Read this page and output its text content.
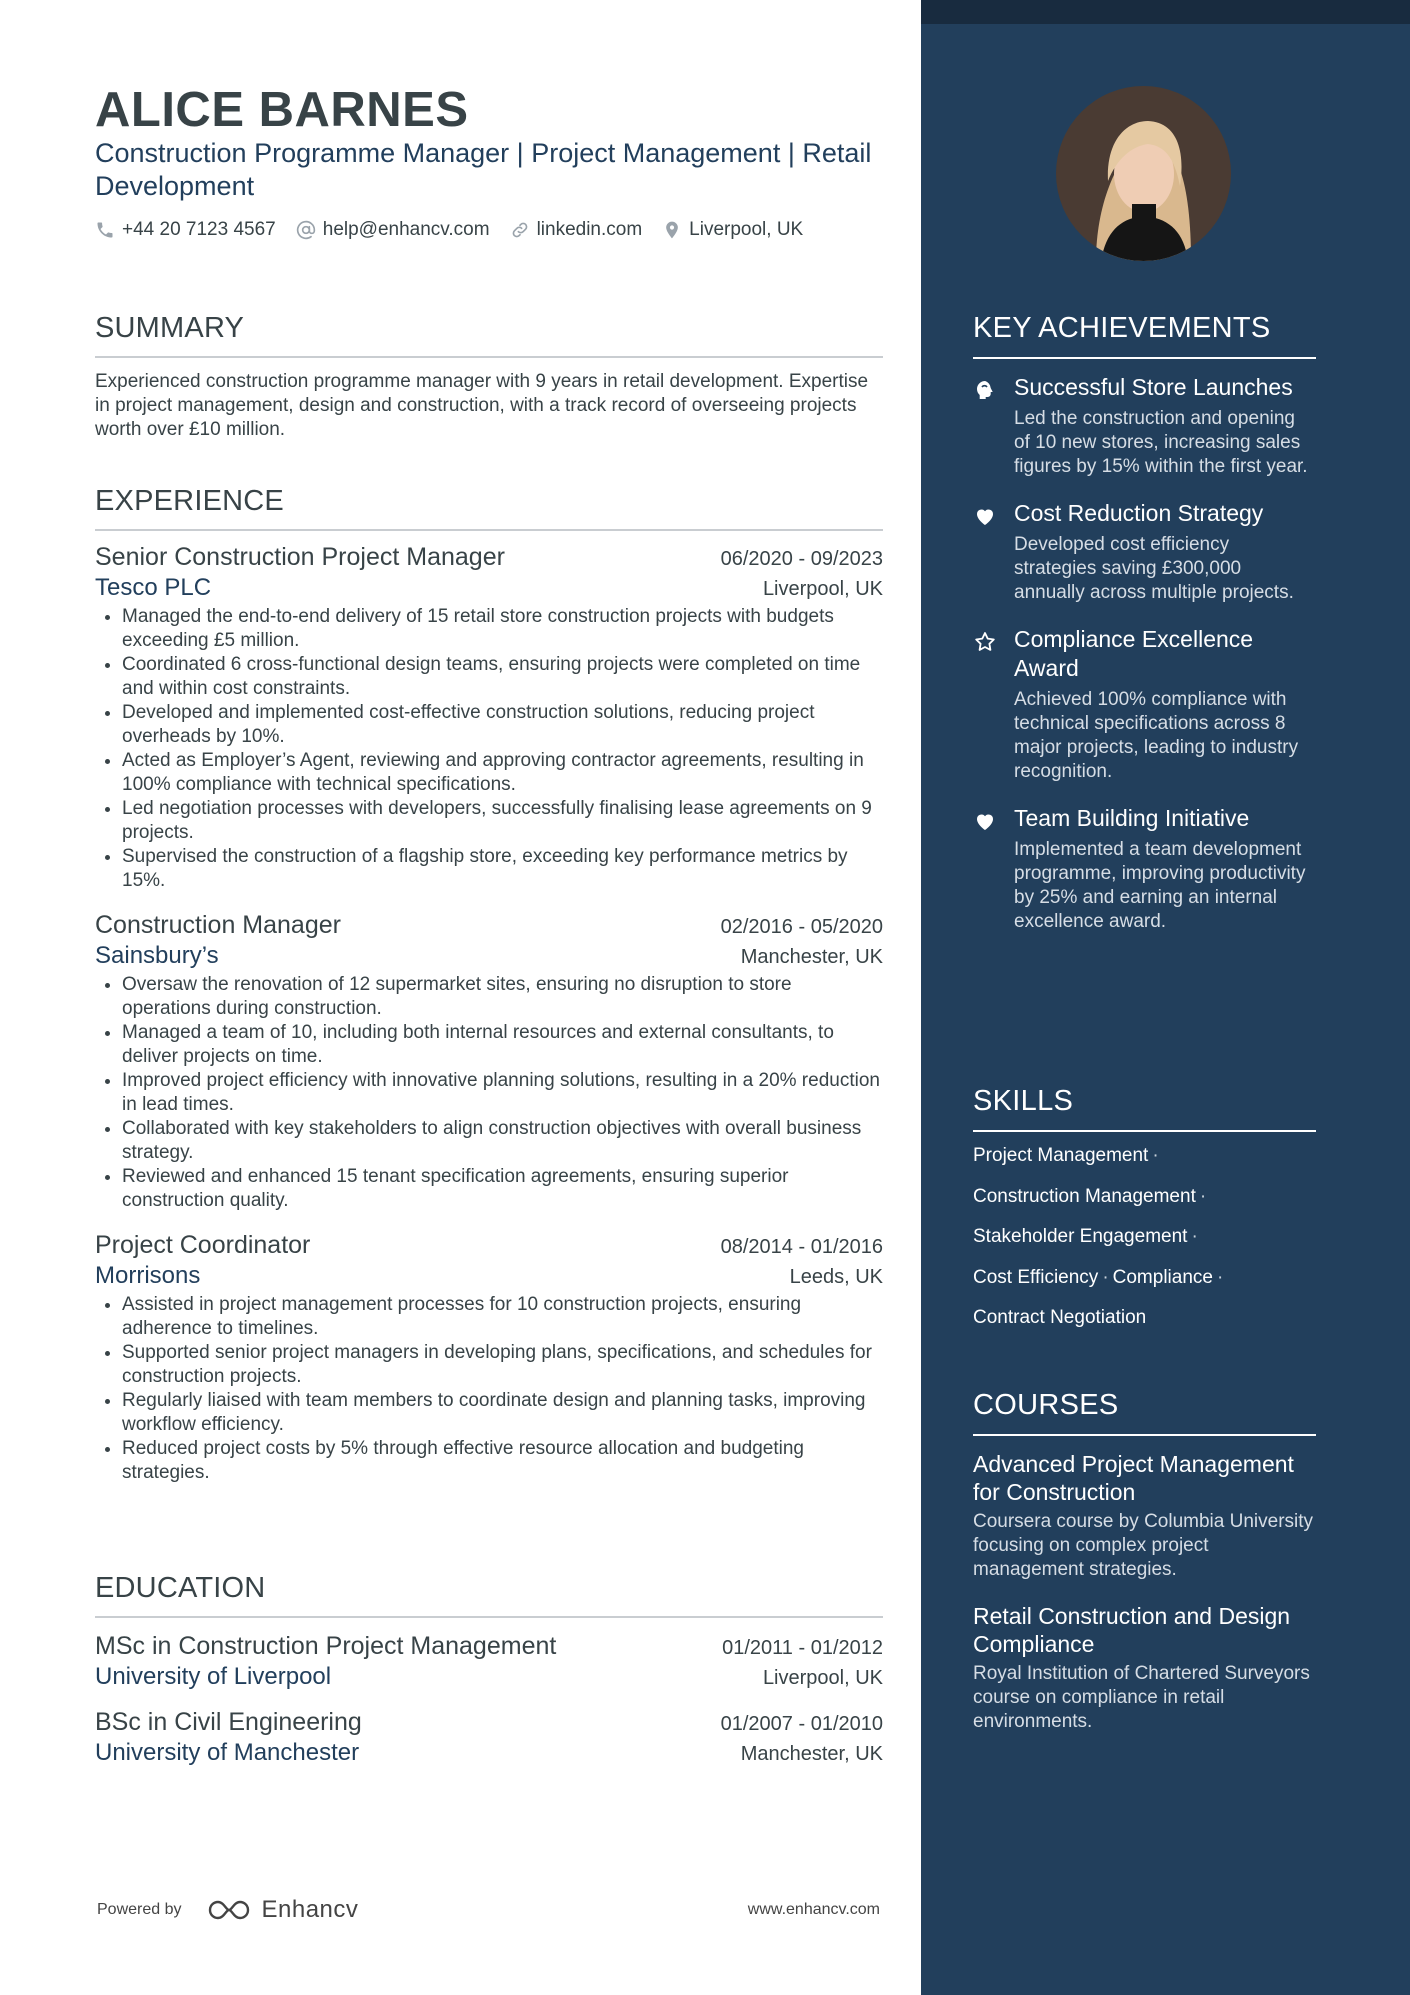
ALICE BARNES
Construction Programme Manager | Project Management | Retail Development
+44 20 7123 4567 help@enhancv.com linkedin.com Liverpool, UK
SUMMARY

Experienced construction programme manager with 9 years in retail development. Expertise in project management, design and construction, with a track record of overseeing projects worth over £10 million.

EXPERIENCE
Senior Construction Project Manager	06/2020 - 09/2023
Tesco PLC	Liverpool, UK
• Managed the end-to-end delivery of 15 retail store construction projects with budgets exceeding £5 million.
• Coordinated 6 cross-functional design teams, ensuring projects were completed on time and within cost constraints.
• Developed and implemented cost-effective construction solutions, reducing project overheads by 10%.
• Acted as Employer’s Agent, reviewing and approving contractor agreements, resulting in 100% compliance with technical specifications.
• Led negotiation processes with developers, successfully finalising lease agreements on 9 projects.
• Supervised the construction of a flagship store, exceeding key performance metrics by 15%.
Construction Manager	02/2016 - 05/2020
Sainsbury’s	Manchester, UK
• Oversaw the renovation of 12 supermarket sites, ensuring no disruption to store operations during construction.
• Managed a team of 10, including both internal resources and external consultants, to deliver projects on time.
• Improved project efficiency with innovative planning solutions, resulting in a 20% reduction in lead times.
• Collaborated with key stakeholders to align construction objectives with overall business strategy.
• Reviewed and enhanced 15 tenant specification agreements, ensuring superior construction quality.
Project Coordinator	08/2014 - 01/2016
Morrisons	Leeds, UK
• Assisted in project management processes for 10 construction projects, ensuring adherence to timelines.
• Supported senior project managers in developing plans, specifications, and schedules for construction projects.
• Regularly liaised with team members to coordinate design and planning tasks, improving workflow efficiency.
• Reduced project costs by 5% through effective resource allocation and budgeting strategies.
EDUCATION
MSc in Construction Project Management	01/2011 - 01/2012
University of Liverpool	Liverpool, UK
BSc in Civil Engineering	01/2007 - 01/2010
University of Manchester	Manchester, UK
Powered by	Enhancv	www.enhancv.com
KEY ACHIEVEMENTS
Successful Store Launches
Led the construction and opening of 10 new stores, increasing sales figures by 15% within the first year.
Cost Reduction Strategy
Developed cost efficiency strategies saving £300,000 annually across multiple projects.
Compliance Excellence Award
Achieved 100% compliance with technical specifications across 8 major projects, leading to industry recognition.
Team Building Initiative
Implemented a team development programme, improving productivity by 25% and earning an internal excellence award.
SKILLS
Project Management ·
Construction Management ·
Stakeholder Engagement ·
Cost Efficiency · Compliance ·
Contract Negotiation
COURSES
Advanced Project Management for Construction
Coursera course by Columbia University focusing on complex project management strategies.
Retail Construction and Design Compliance
Royal Institution of Chartered Surveyors course on compliance in retail environments.
